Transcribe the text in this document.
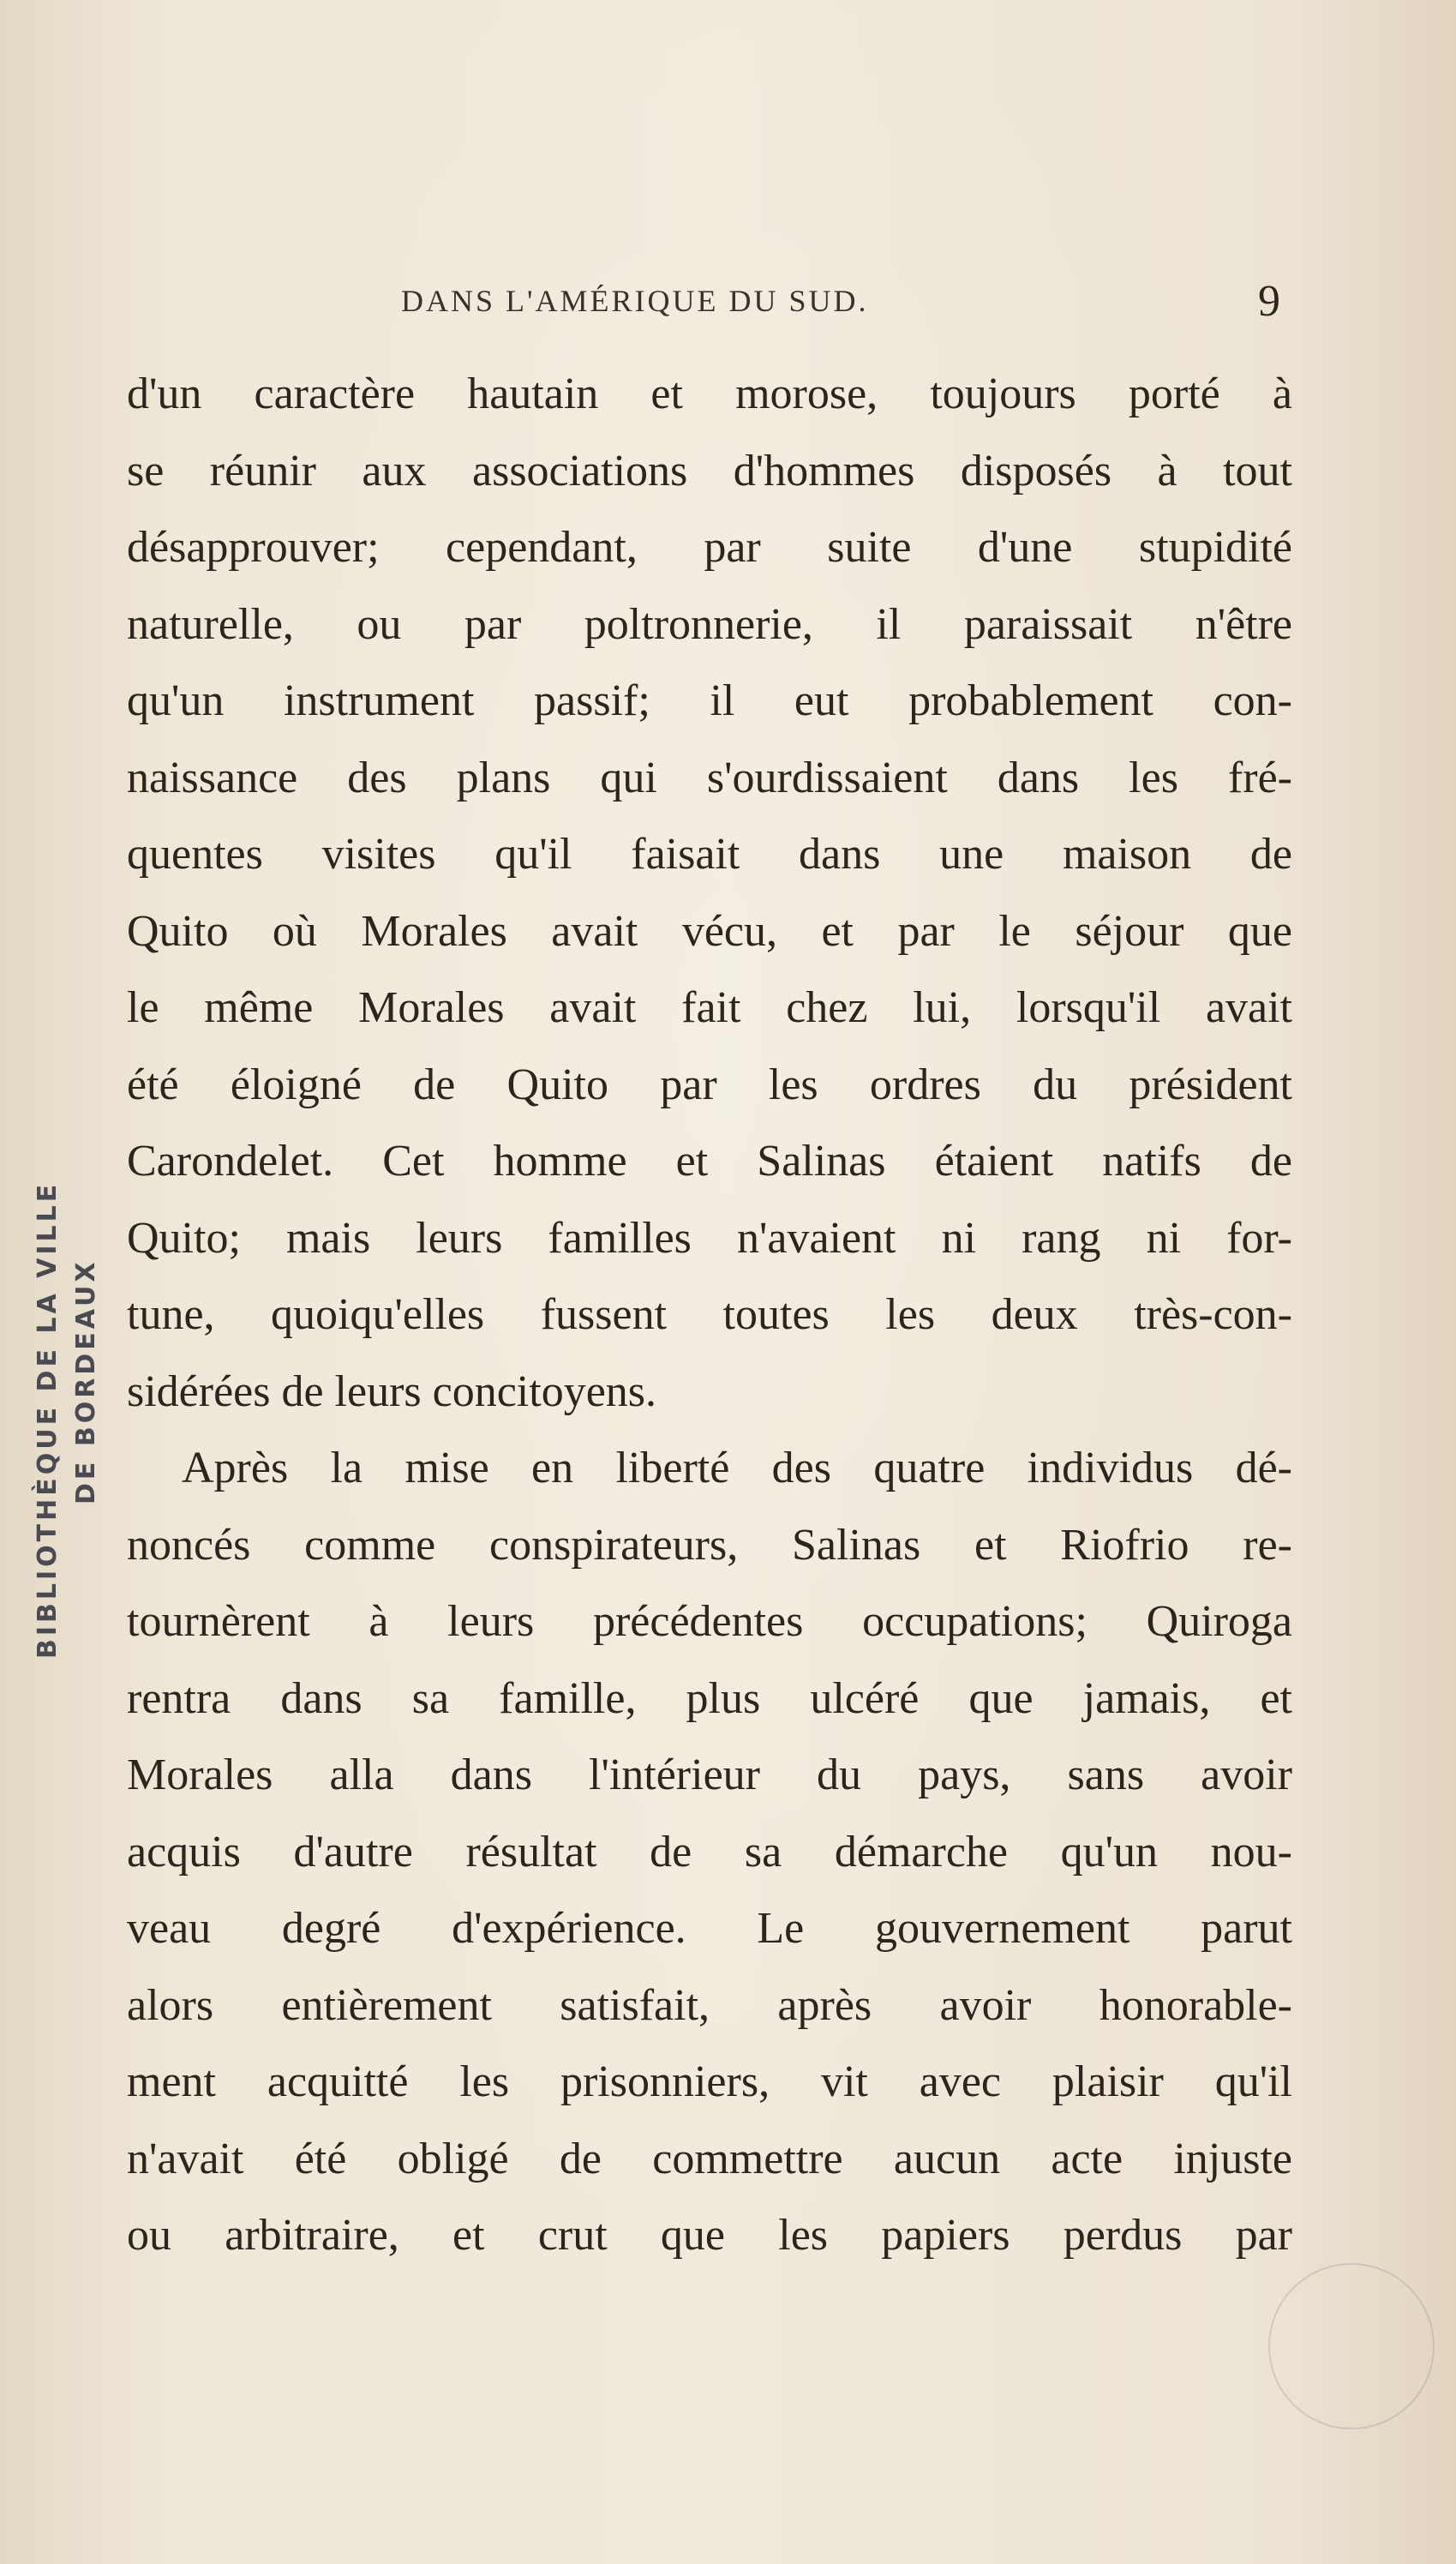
DANS L'AMÉRIQUE DU SUD.	9
d'un caractère hautain et morose, toujours porté à
se réunir aux associations d'hommes disposés à tout
désapprouver; cependant, par suite d'une stupidité
naturelle, ou par poltronnerie, il paraissait n'être
qu'un instrument passif; il eut probablement con-
naissance des plans qui s'ourdissaient dans les fré-
quentes visites qu'il faisait dans une maison de
Quito où Morales avait vécu, et par le séjour que
le même Morales avait fait chez lui, lorsqu'il avait
été éloigné de Quito par les ordres du président
Carondelet. Cet homme et Salinas étaient natifs de
Quito; mais leurs familles n'avaient ni rang ni for-
tune, quoiqu'elles fussent toutes les deux très-con-
sidérées de leurs concitoyens.
Après la mise en liberté des quatre individus dé-
noncés comme conspirateurs, Salinas et Riofrio re-
tournèrent à leurs précédentes occupations; Quiroga
rentra dans sa famille, plus ulcéré que jamais, et
Morales alla dans l'intérieur du pays, sans avoir
acquis d'autre résultat de sa démarche qu'un nou-
veau degré d'expérience. Le gouvernement parut
alors entièrement satisfait, après avoir honorable-
ment acquitté les prisonniers, vit avec plaisir qu'il
n'avait été obligé de commettre aucun acte injuste
ou arbitraire, et crut que les papiers perdus par
BIBLIOTHÈQUE DE LA VILLE DE BORDEAUX
